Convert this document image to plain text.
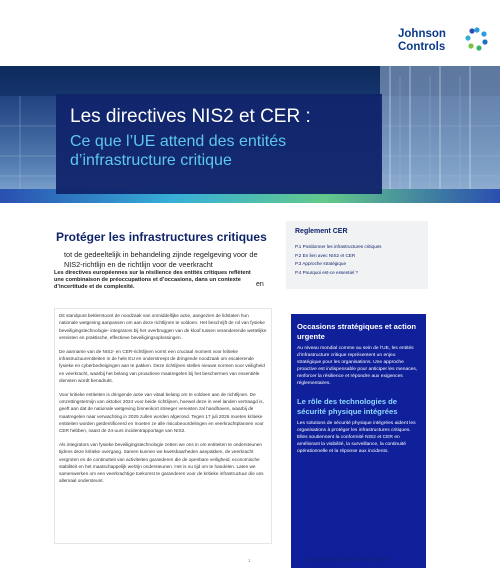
Johnson
Controls
Les directives NIS2 et CER :
Ce que l’UE attend des entités d’infrastructure critique
Protéger les infrastructures critiques
tot de gedeeltelijk in behandeling zijnde regelgeving voor de NIS2-richtlijn en de richtlijn voor de veerkracht
en
Les directives européennes sur la résilience des entités critiques reflètent une combinaison de préoccupations et d’occasions, dans un contexte d’incertitude et de complexité.

Dit standpunt beklemtoont de noodzaak van onmiddellijke actie, aangezien de lidstaten hun nationale wetgeving aanpassen om aan deze richtlijnen te voldoen. Het beschrijft de rol van fysieke beveiligingstechnologie- integrators bij het overbruggen van de kloof tussen veranderende wettelijke vereisten en praktische, effectieve beveiligingsoplossingen.

De aanname van de NIS2- en CER-richtlijnen vormt een cruciaal moment voor kritieke infrastructuurentiteiten in de hele EU en onderstreept de dringende noodzaak om escalerende fysieke en cyberbedreigingen aan te pakken. Deze richtlijnen stellen nieuwe normen voor veiligheid en veerkracht, waarbij het belang van proactieve maatregelen bij het beschermen van essentiële diensten wordt benadrukt.

Voor kritieke entiteiten is dringende actie van vitaal belang om te voldoen aan de richtlijnen. De omzettingstermijn van oktober 2024 voor beide richtlijnen, hoewel deze in veel landen vertraagd is, geeft aan dat de nationale wetgeving binnenkort streeger vereisten zal handhaven, waarbij de maatregelen naar verwachting in 2025 zullen worden afgerond. Tegen 17 juli 2026 moeten kritieke entiteiten worden geïdentificeerd en moeten ze alle risicobeoordelingen en veerkrachtplannen voor CER hebben, naast de 24-uurs incidentrapportage van NIS2.

Als integrators van fysieke beveiligingstechnologie zetten we ons in om entiteiten te ondersteunen tijdens deze kritieke overgang. Samen kunnen we kwetsbaarheden aanpakken, de veerkracht vergroten en de continuïteit van activiteiten garanderen die de openbare veiligheid, economische stabiliteit en het maatschappelijk welzijn ondersteunen. Het is nu tijd om te handelen. Laten we samenwerken om een veerkrachtige toekomst te garanderen voor de kritieke infrastructuur die ons allemaal ondersteunt.

Reglement CER
P.1 Positionner les infrastructures critiques
P.2 En lien avec NIS2 et CER
P.3 Approche stratégique
P.4 Pourquoi est-ce essentiel ?
Occasions stratégiques et action urgente
Au niveau mondial comme au sein de l’UE, les entités d’infrastructure critique représentent un enjeu stratégique pour les organisations. Une approche proactive est indispensable pour anticiper les menaces, renforcer la résilience et répondre aux exigences réglementaires.
Le rôle des technologies de sécurité physique intégrées
Les solutions de sécurité physique intégrées aident les organisations à protéger les infrastructures critiques. Elles soutiennent la conformité NIS2 et CER en améliorant la visibilité, la surveillance, la continuité opérationnelle et la réponse aux incidents.
1	La puissance derrière votre mission
